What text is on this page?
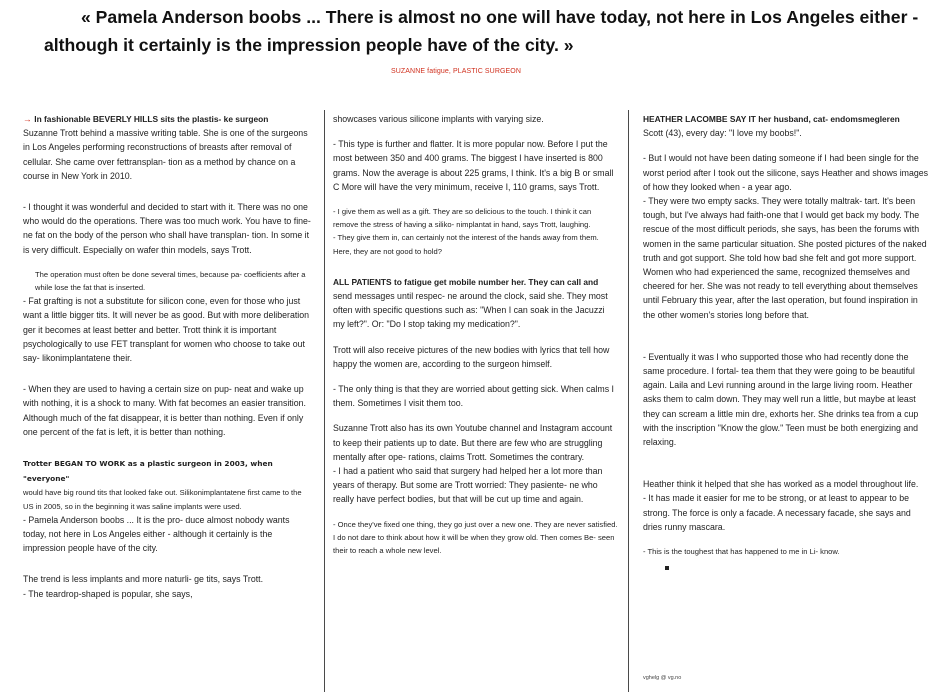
« Pamela Anderson boobs ... There is almost no one will have today, not here in Los Angeles either -
although it certainly is the impression people have of the city. »
SUZANNE fatigue, PLASTIC SURGEON

→ In fashionable BEVERLY HILLS sits the plastis- ke surgeon

Suzanne Trott behind a massive writing table. She is one of the surgeons in Los Angeles performing reconstructions of breasts after removal of cellular. She came over fettransplan- tion as a method by chance on a course in New York in 2010.

- I thought it was wonderful and decided to start with it. There was no one who would do the operations. There was too much work. You have to fine-ne fat on the body of the person who shall have transplan- tion. In some it is very difficult. Especially on wafer thin models, says Trott.

The operation must often be done several times, because pa- coefficients after a while lose the fat that is inserted.

- Fat grafting is not a substitute for silicon cone, even for those who just want a little bigger tits. It will never be as good. But with more deliberation ger it becomes at least better and better. Trott think it is important psychologically to use FET transplant for women who choose to take out say- likonimplantatene their.

- When they are used to having a certain size on pup- neat and wake up with nothing, it is a shock to many. With fat becomes an easier transition. Although much of the fat disappear, it is better than nothing. Even if only one percent of the fat is left, it is better than nothing.

Trotter BEGAN TO WORK as a plastic surgeon in 2003, when "everyone"

would have big round tits that looked fake out. Silikonimplantatene first came to the US in 2005, so in the beginning it was saline implants were used.

- Pamela Anderson boobs ... It is the pro- duce almost nobody wants today, not here in Los Angeles either - although it certainly is the impression people have of the city.

The trend is less implants and more naturli- ge tits, says Trott.

- The teardrop-shaped is popular, she says,

showcases various silicone implants with varying size.

- This type is further and flatter. It is more popular now. Before I put the most between 350 and 400 grams. The biggest I have inserted is 800 grams. Now the average is about 225 grams, I think. It's a big B or small C More will have the very minimum, receive I, 110 grams, says Trott.

- I give them as well as a gift. They are so delicious to the touch. I think it can remove the stress of having a siliko- nimplantat in hand, says Trott, laughing.

- They give them in, can certainly not the interest of the hands away from them. Here, they are not good to hold?

ALL PATIENTS to fatigue get mobile number her. They can call and

send messages until respec- ne around the clock, said she. They most often with specific questions such as: "When I can soak in the Jacuzzi my left?". Or: "Do I stop taking my medication?".

Trott will also receive pictures of the new bodies with lyrics that tell how happy the women are, according to the surgeon himself.

- The only thing is that they are worried about getting sick. When calms I them. Sometimes I visit them too.

Suzanne Trott also has its own Youtube channel and Instagram account to keep their patients up to date. But there are few who are struggling mentally after ope- rations, claims Trott. Sometimes the contrary.

- I had a patient who said that surgery had helped her a lot more than years of therapy. But some are Trott worried: They pasiente- ne who really have perfect bodies, but that will be cut up time and again.

- Once they've fixed one thing, they go just over a new one. They are never satisfied. I do not dare to think about how it will be when they grow old. Then comes Be- seen their to reach a whole new level.

HEATHER LACOMBE SAY IT her husband, cat- endomsmegleren

Scott (43), every day: "I love my boobs!".

- But I would not have been dating someone if I had been single for the worst period after I took out the silicone, says Heather and shows images of how they looked when - a year ago.

- They were two empty sacks. They were totally maltrak- tart. It's been tough, but I've always had faith-one that I would get back my body. The rescue of the most difficult periods, she says, has been the forums with women in the same particular situation. She posted pictures of the naked truth and got support. She told how bad she felt and got more support. Women who had experienced the same, recognized themselves and cheered for her. She was not ready to tell everything about themselves until February this year, after the last operation, but found inspiration in the other women's stories long before that.

- Eventually it was I who supported those who had recently done the same procedure. I fortal- tea them that they were going to be beautiful again. Laila and Levi running around in the large living room. Heather asks them to calm down. They may well run a little, but maybe at least they can scream a little min dre, exhorts her. She drinks tea from a cup with the inscription "Know the glow." Teen must be both energizing and relaxing.

Heather think it helped that she has worked as a model throughout life.

- It has made it easier for me to be strong, or at least to appear to be strong. The force is only a facade. A necessary facade, she says and dries runny mascara.

- This is the toughest that has happened to me in Li- know.

vghelg @ vg.no
